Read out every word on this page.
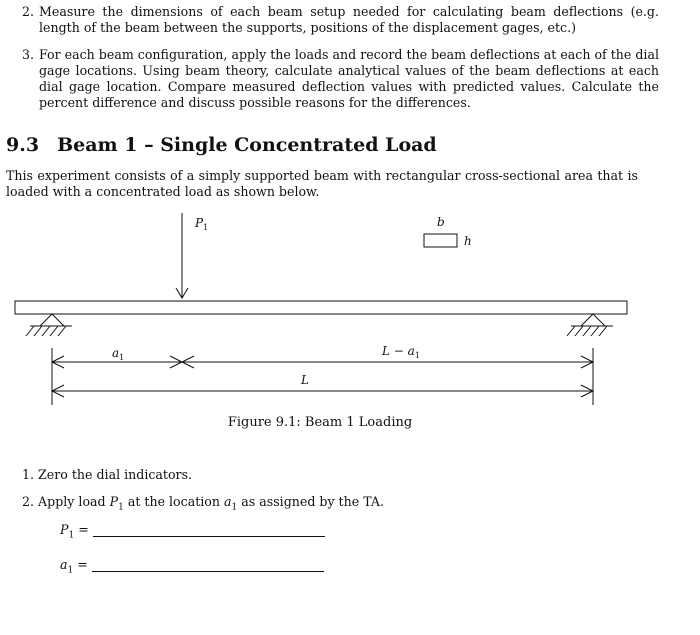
2. Measure the dimensions of each beam setup needed for calculating beam deflections (e.g. length of the beam between the supports, positions of the displacement gages, etc.)
3. For each beam configuration, apply the loads and record the beam deflections at each of the dial gage locations. Using beam theory, calculate analytical values of the beam deflections at each dial gage location. Compare measured deflection values with predicted values. Calculate the percent difference and discuss possible reasons for the differences.
9.3 Beam 1 – Single Concentrated Load
This experiment consists of a simply supported beam with rectangular cross-sectional area that is loaded with a concentrated load as shown below.
$P_1$	b
h
$a_1$	$L - a_1$
L
Figure 9.1: Beam 1 Loading
1. Zero the dial indicators.
2. Apply load $P_1$ at the location $a_1$ as assigned by the TA.
$P_1$ =
$a_1$ =
